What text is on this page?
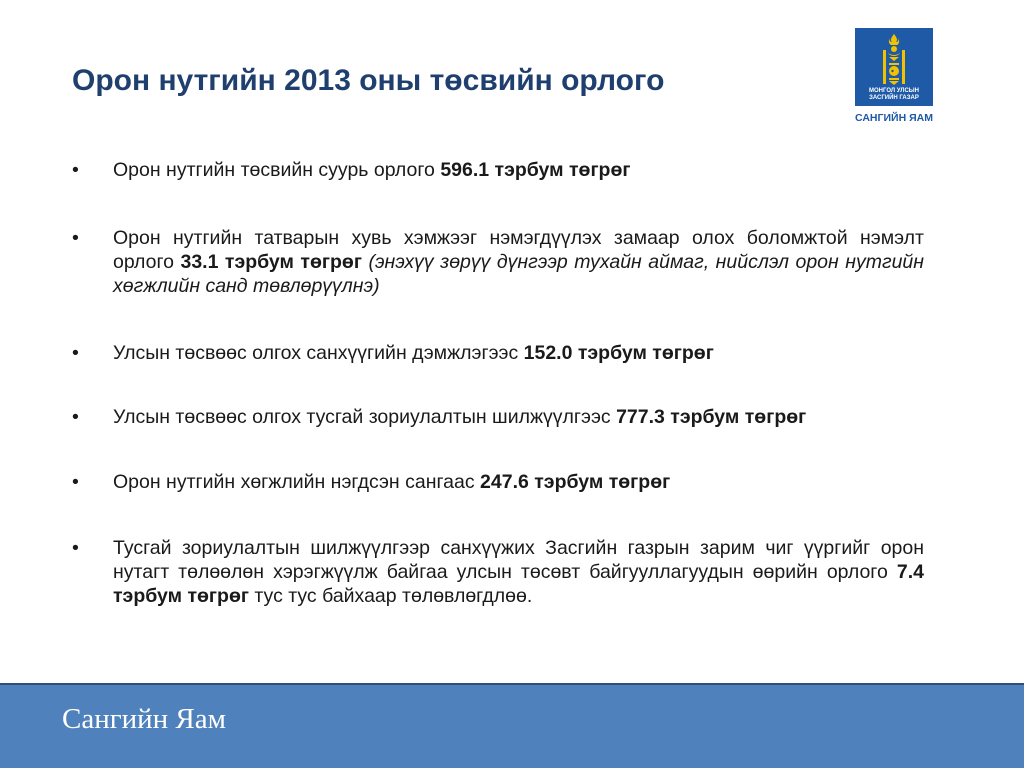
Орон нутгийн 2013 оны төсвийн орлого	МОНГОЛ УЛСЫН
ЗАСГИЙН ГАЗАР
САНГИЙН ЯАМ
• Орон нутгийн төсвийн суурь орлого 596.1 тэрбум төгрөг
• Орон нутгийн татварын хувь хэмжээг нэмэгдүүлэх замаар олох боломжтой нэмэлт орлого 33.1 тэрбум төгрөг (энэхүү зөрүү дүнгээр тухайн аймаг, нийслэл орон нутгийн хөгжлийн санд төвлөрүүлнэ)
• Улсын төсвөөс олгох санхүүгийн дэмжлэгээс 152.0 тэрбум төгрөг
• Улсын төсвөөс олгох тусгай зориулалтын шилжүүлгээс 777.3 тэрбум төгрөг
• Орон нутгийн хөгжлийн нэгдсэн сангаас 247.6 тэрбум төгрөг
• Тусгай зориулалтын шилжүүлгээр санхүүжих Засгийн газрын зарим чиг үүргийг орон нутагт төлөөлөн хэрэгжүүлж байгаа улсын төсөвт байгууллагуудын өөрийн орлого 7.4 тэрбум төгрөг тус тус байхаар төлөвлөгдлөө.
Сангийн Яам
